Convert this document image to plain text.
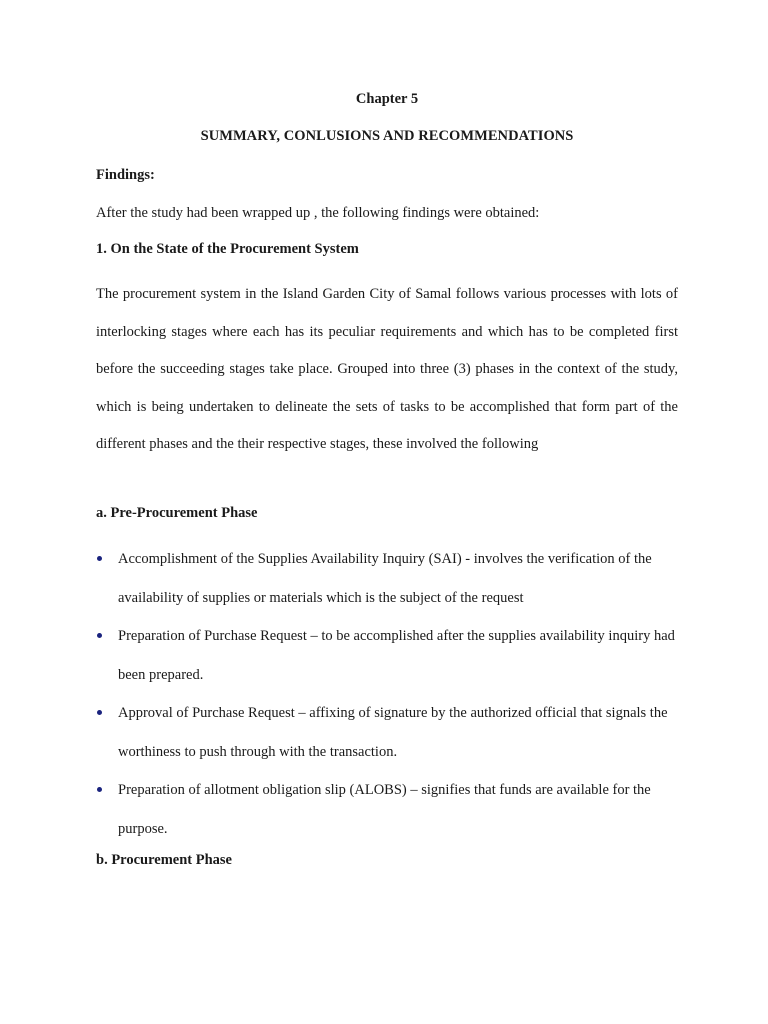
Chapter 5
SUMMARY, CONLUSIONS AND RECOMMENDATIONS
Findings:
After the study had been wrapped up , the following findings were obtained:
1. On the State of the Procurement System
The procurement system in the Island Garden City of Samal follows various processes with lots of interlocking stages where each has its peculiar requirements and which has to be completed first before the succeeding stages take place. Grouped into three (3) phases in the context of the study, which is being undertaken to delineate the sets of tasks to be accomplished that form part of the different phases and the their respective stages, these involved the following
a. Pre-Procurement Phase
Accomplishment of the Supplies Availability Inquiry (SAI) - involves the verification of the availability of supplies or materials which is the subject of the request
Preparation of Purchase Request – to be accomplished after the supplies availability inquiry had been prepared.
Approval of Purchase Request – affixing of signature by the authorized official that signals the worthiness to push through with the transaction.
Preparation of allotment obligation slip (ALOBS) – signifies that funds are available for the purpose.
b. Procurement Phase
